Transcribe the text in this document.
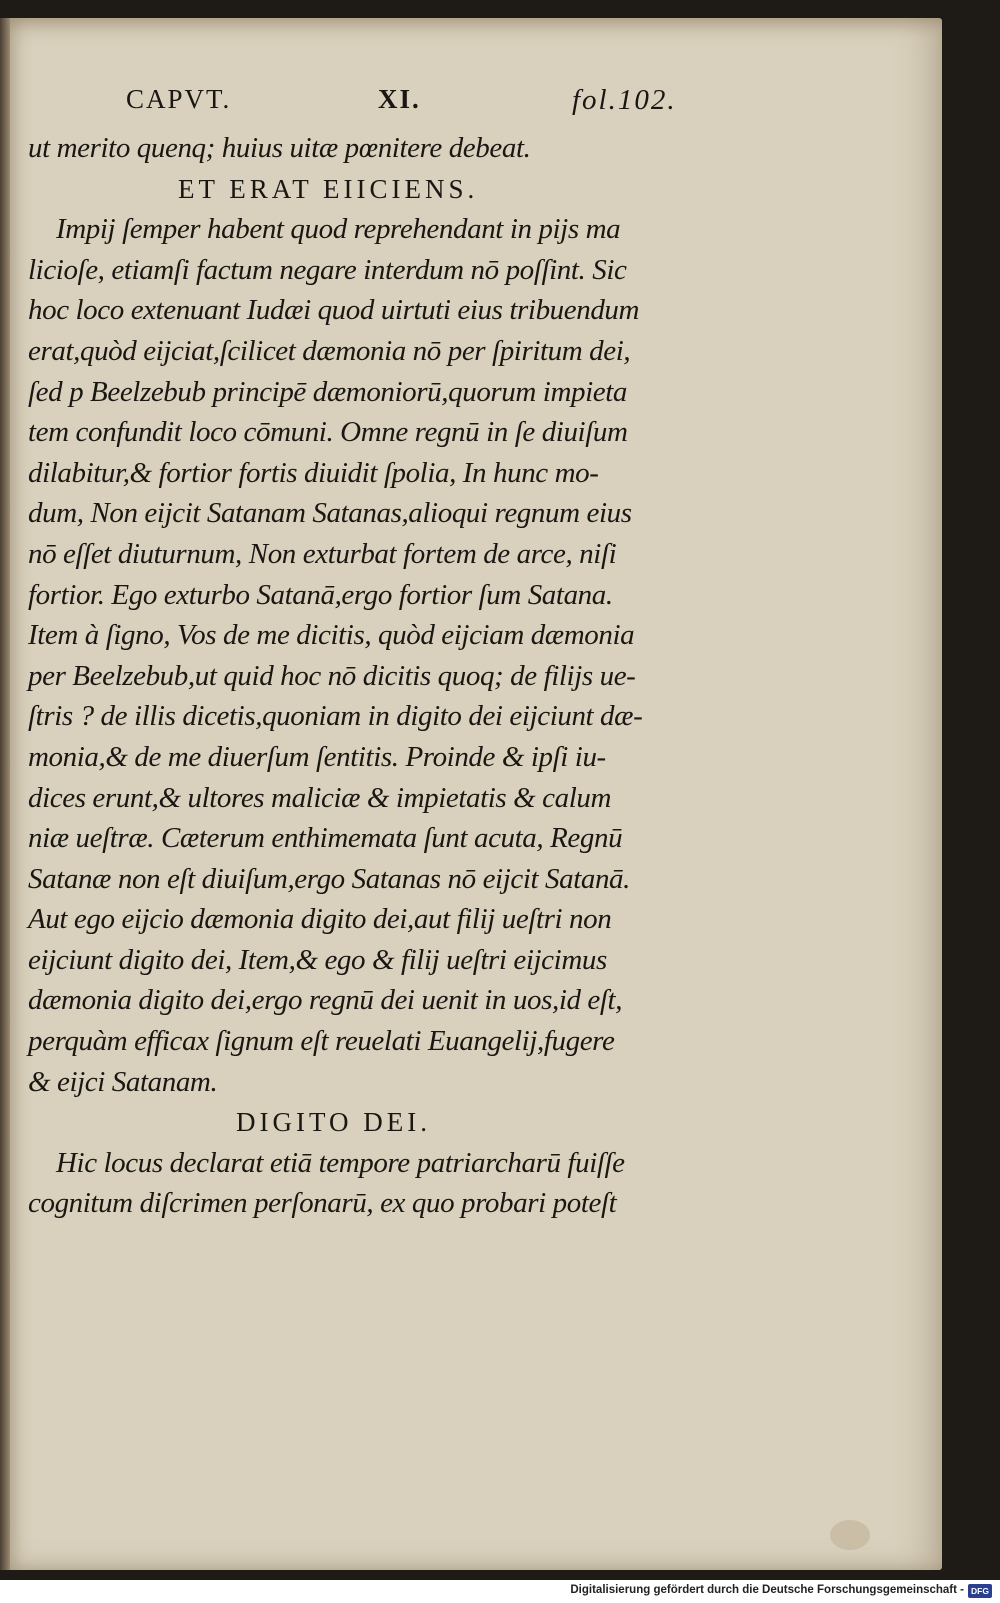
CAPVT.	XI.	fol.102.
ut merito quenq; huius uitæ pœnitere debeat.
ET ERAT EIICIENS.
Impij ſemper habent quod reprehendant in pijs ma
licioſe, etiamſi factum negare interdum nō poſſint. Sic
hoc loco extenuant Iudæi quod uirtuti eius tribuendum
erat,quòd eijciat,ſcilicet dæmonia nō per ſpiritum dei,
ſed p Beelzebub principē dæmoniorū,quorum impieta
tem confundit loco cōmuni. Omne regnū in ſe diuiſum
dilabitur,& fortior fortis diuidit ſpolia, In hunc mo-
dum, Non eijcit Satanam Satanas,alioqui regnum eius
nō eſſet diuturnum, Non exturbat fortem de arce, niſi
fortior. Ego exturbo Satanā,ergo fortior ſum Satana.
Item à ſigno, Vos de me dicitis, quòd eijciam dæmonia
per Beelzebub,ut quid hoc nō dicitis quoq; de filijs ue-
ſtris ? de illis dicetis,quoniam in digito dei eijciunt dæ-
monia,& de me diuerſum ſentitis. Proinde & ipſi iu-
dices erunt,& ultores maliciæ & impietatis & calum
niæ ueſtræ. Cæterum enthimemata ſunt acuta, Regnū
Satanæ non eſt diuiſum,ergo Satanas nō eijcit Satanā.
Aut ego eijcio dæmonia digito dei,aut filij ueſtri non
eijciunt digito dei, Item,& ego & filij ueſtri eijcimus
dæmonia digito dei,ergo regnū dei uenit in uos,id eſt,
perquàm efficax ſignum eſt reuelati Euangelij,fugere
& eijci Satanam.
DIGITO DEI.
Hic locus declarat etiā tempore patriarcharū fuiſſe
cognitum diſcrimen perſonarū, ex quo probari poteſt
Digitalisierung gefördert durch die Deutsche Forschungsgemeinschaft - DFG
